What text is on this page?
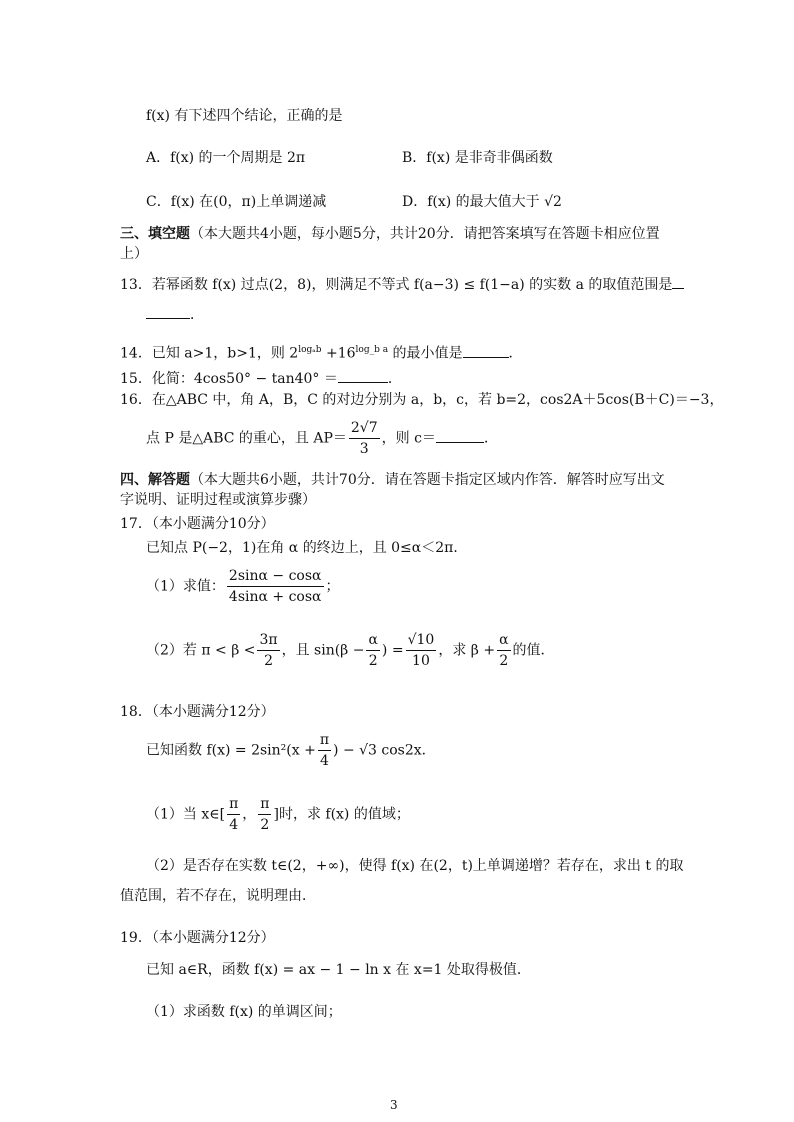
f(x) 有下述四个结论，正确的是
A．f(x) 的一个周期是 2π	B．f(x) 是非奇非偶函数
C．f(x) 在(0，π)上单调递减	D．f(x) 的最大值大于 √2
三、填空题（本大题共4小题，每小题5分，共计20分．请把答案填写在答题卡相应位置
上）
13．若幂函数 f(x) 过点(2，8)，则满足不等式 f(a−3) ≤ f(1−a) 的实数 a 的取值范围是
．
14．已知 a>1，b>1，则 $2^{log_ab} +16^{log\_b a}$ 的最小值是	．
15．化简：4cos50° − tan40° ＝	．
16．在△ABC 中，角 A，B，C 的对边分别为 a，b，c，若 b=2，cos2A＋5cos(B＋C)＝−3，
点 P 是△ABC 的重心，且 $AP= \frac{2√7}{3}$ ，则 c＝	．
四、解答题（本大题共6小题，共计70分．请在答题卡指定区域内作答．解答时应写出文
字说明、证明过程或演算步骤）
17．（本小题满分10分）
已知点 P(−2，1)在角 α 的终边上，且 0≤α＜2π．
（1）求值： $\frac{2\sin\alpha - \cos\alpha}{4\sin\alpha + \cos\alpha}$ ；
（2）若 $\pi < \beta < \frac{3\pi}{2}$ ，且 $\sin(\beta - \frac{\alpha}{2}$ ) = $\frac{√10}{10}$ ，求 $\beta + \frac{\alpha}{2}$ 的值．
18．（本小题满分12分）
已知函数 $f(x) = 2\sin^2(x + \frac{\pi}{4}$ ) − √3 cos2x．
（1）当 x∈[ $\frac{\pi}{4}$ ， $\frac{\pi}{2}$ ]时，求 f(x) 的值域；
（2）是否存在实数 t∈(2，+∞)，使得 f(x) 在(2，t)上单调递增？若存在，求出 t 的取
值范围，若不存在，说明理由．
19．（本小题满分12分）
已知 a∈R，函数 f(x) = ax − 1 − ln x 在 x=1 处取得极值．
（1）求函数 f(x) 的单调区间；
3
